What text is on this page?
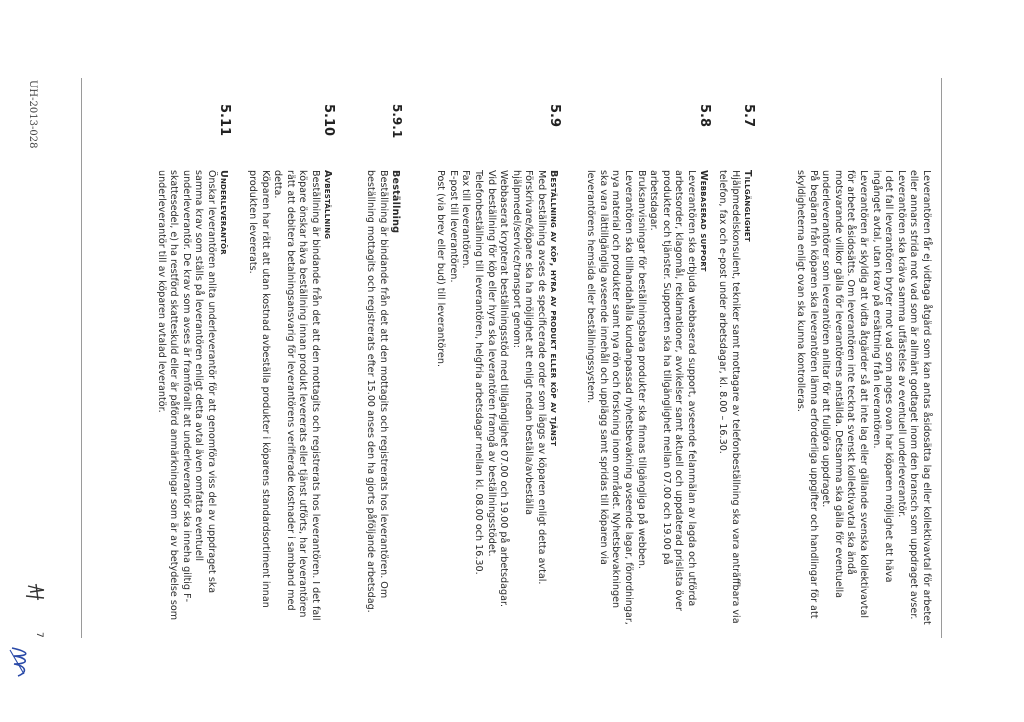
Leverantören får ej vidtaga åtgärd som kan antas åsidosätta lag eller kollektivavtal för arbetet eller annars strida mot vad som är allmänt godtaget inom den bransch som uppdraget avser.

Leverantören ska kräva samma utfästelse av eventuell underleverantör.

I det fall leverantören bryter mot vad som anges ovan har köparen möjlighet att häva ingånget avtal, utan krav på ersättning från leverantören.

Leverantören är skyldig att vidta åtgärder så att inte lag eller gällande svenska kollektivavtal för arbetet åsidosätts. Om leverantören inte tecknat svenskt kollektivavtal ska ändå motsvarande villkor gälla för leverantörens anställda. Detsamma ska gälla för eventuella underleverantörer som leverantören anlitar för att fullgöra uppdraget.

På begäran från köparen ska leverantören lämna erforderliga uppgifter och handlingar för att skyldigheterna enligt ovan ska kunna kontrolleras.

5.7
Tillgänglighet

Hjälpmedelskonsulent, tekniker samt mottagare av telefonbeställning ska vara anträffbara via telefon, fax och e-post under arbetsdagar, kl. 8.00 – 16.30.

5.8
Webbaserad support

Leverantören ska erbjuda webbaserad support, avseende felanmälan av lagda och utförda arbetsorder, klagomål, reklamationer, avvikelser samt aktuell och uppdaterad prislista över produkter och tjänster. Supporten ska ha tillgänglighet mellan 07.00 och 19.00 på arbetsdagar.

Bruksanvisningar för beställningsbara produkter ska finnas tillgängliga på webben. Leverantören ska tillhandahålla kundanpassad nyhetsbevakning avseende lagar, förordningar, nya material och produkter samt nya rön och forskning inom området. Nyhetsbevakningen ska vara lättillgänglig avseende innehåll och upplägg samt spridas till köparen via leverantörens hemsida eller beställningssystem.

5.9
Beställning av köp, hyra av produkt eller köp av tjänst

Med beställning avses de specificerade order som läggs av köparen enligt detta avtal.

Förskrivare/köpare ska ha möjlighet att enligt nedan beställa/avbeställa hjälpmedel/service/transport genom:

Webbaserat krypterat beställningsstöd med tillgänglighet 07.00 och 19.00 på arbetsdagar. Vid beställning för köp eller hyra ska leverantören framgå av beställningsstödet.

Telefonbeställning till leverantören, helgfria arbetsdagar mellan kl. 08.00 och 16.30.

Fax till leverantören.

E-post till leverantören.

Post (via brev eller bud) till leverantören.

5.9.1
Beställning

Beställning är bindande från det att den mottagits och registrerats hos leverantören. Om beställning mottagits och registrerats efter 15.00 anses den ha gjorts påföljande arbetsdag.

5.10
Avbeställning

Beställning är bindande från det att den mottagits och registrerats hos leverantören. I det fall köpare önskar häva beställning innan produkt levererats eller tjänst utförts, har leverantören rätt att debitera betalningsansvarig för leverantörens verifierade kostnader i samband med detta.

Köparen har rätt att utan kostnad avbeställa produkter i köparens standardsortiment innan produkten levererats.

5.11
Underleverantör

Önskar leverantören anlita underleverantör för att genomföra viss del av uppdraget ska samma krav som ställs på leverantören enligt detta avtal även omfatta eventuell underleverantör. De krav som avses är framförallt att underleverantör ska inneha giltig F-skattesedel, e) ha restförd skatteskuld eller är påförd anmärkningar som är av betydelse som underleverantör till av köparen avtalad leverantör.

UH-2013-028
7
